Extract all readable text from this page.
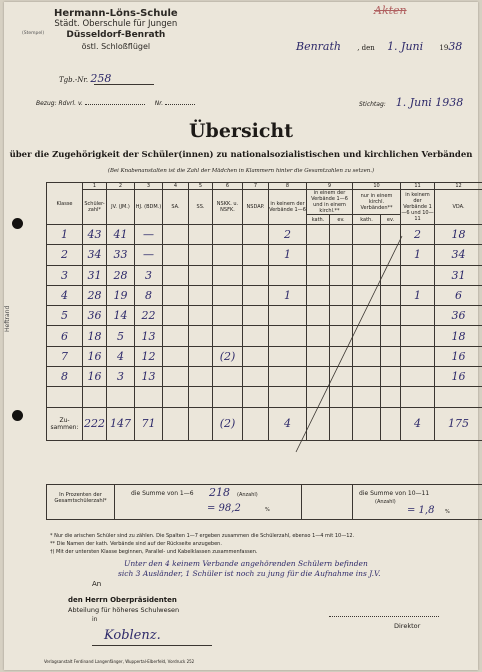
Heftrand
Hermann-Löns-Schule
Städt. Oberschule für Jungen
Düsseldorf-Benrath
östl. Schloßflügel
(Stempel)
Tgb.-Nr. 258
Akten
Benrath , den 1. Juni 1938
Bezug: Rdvrl. v.	Nr.	Stichtag: 1. Juni 1938
Übersicht
über die Zugehörigkeit der Schüler(innen) zu nationalsozialistischen und kirchlichen Verbänden
(Bei Knabenanstalten ist die Zahl der Mädchen in Klammern hinter die Gesamtzahlen zu setzen.)
Klasse	1	2	3	4	5	6	7	8	9		10		11	12
	Schüler-zahl*	JV. (JM.)	HJ. (BDM.)	SA.	SS.	NSKK. u. NSFK.	NSDAP.	in keinem der Verbände 1—6	in einem der Verbände 1—6 und in einem kirchl.**		nur in einem kirchl. Verbänden**		in keinem der Verbände 1—6 und 10—11	VDA.
									kath.	ev.	kath.	ev.		
1	43	41	—					2					2	18
2	34	33	—					1					1	34
3	31	28	3											31
4	28	19	8					1					1	6
5	36	14	22											36
6	18	5	13											18
7	16	4	12			(2)								16
8	16	3	13											16

Zu-sammen:	222	147	71			(2)		4					4	175
In Prozenten der Gesamtschülerzahl*
die Summe von 1—6 218 (Anzahl)
= 98,2	%
die Summe von 10—11
(Anzahl)
= 1,8 %
* Nur die arischen Schüler sind zu zählen. Die Spalten 1—7 ergeben zusammen die Schülerzahl, ebenso 1—4 mit 10—12.
** Die Namen der kath. Verbände sind auf der Rückseite anzugeben.
†) Mit der untersten Klasse beginnen, Parallel- und Kabelklassen zusammenfassen.
Unter den 4 keinem Verbande angehörenden Schülern befinden
sich 3 Ausländer, 1 Schüler ist noch zu jung für die Aufnahme ins J.V.
An
den Herrn Oberpräsidenten
Abteilung für höheres Schulwesen
in
Koblenz.
Direktor
Verlagsanstalt Ferdinand Langenfänger, Wuppertal-Elberfeld, Vordruck 252
